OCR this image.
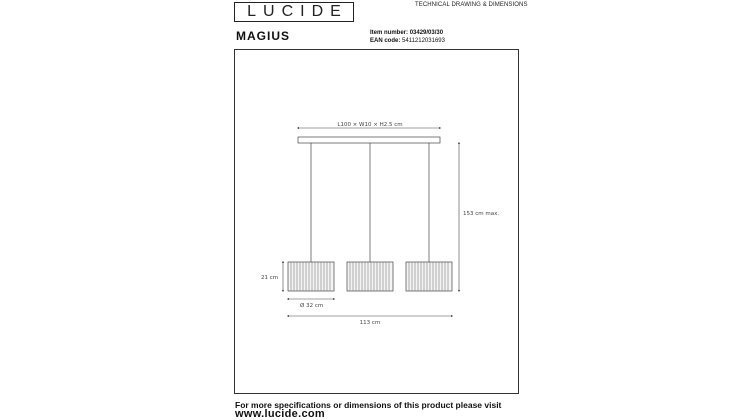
LUCIDE	TECHNICAL DRAWING & DIMENSIONS
MAGIUS	Item number: 03429/03/30
EAN code: 5411212031693
L100 × W10 × H2.5 cm
153 cm max.
21 cm
Ø 32 cm
113 cm
For more specifications or dimensions of this product please visit
www.lucide.com
